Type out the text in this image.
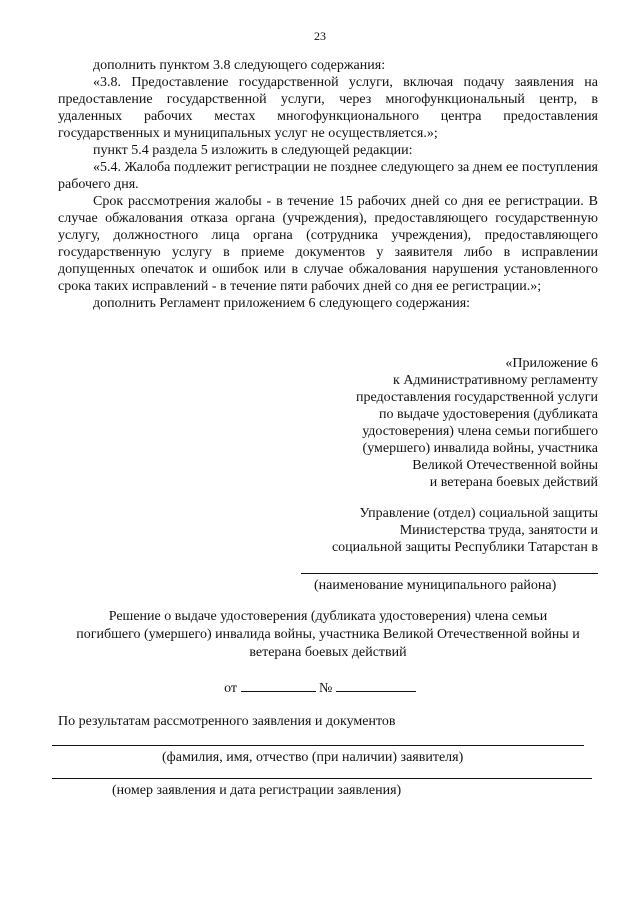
23

дополнить пунктом 3.8 следующего содержания:

«3.8. Предоставление государственной услуги, включая подачу заявления на предоставление государственной услуги, через многофункциональный центр, в удаленных рабочих местах многофункционального центра предоставления государственных и муниципальных услуг не осуществляется.»;

пункт 5.4 раздела 5 изложить в следующей редакции:

«5.4. Жалоба подлежит регистрации не позднее следующего за днем ее поступления рабочего дня.

Срок рассмотрения жалобы - в течение 15 рабочих дней со дня ее регистрации. В случае обжалования отказа органа (учреждения), предоставляющего государственную услугу, должностного лица органа (сотрудника учреждения), предоставляющего государственную услугу в приеме документов у заявителя либо в исправлении допущенных опечаток и ошибок или в случае обжалования нарушения установленного срока таких исправлений - в течение пяти рабочих дней со дня ее регистрации.»;

дополнить Регламент приложением 6 следующего содержания:

«Приложение 6
к Административному регламенту
предоставления государственной услуги
по выдаче удостоверения (дубликата
удостоверения) члена семьи погибшего
(умершего) инвалида войны, участника
Великой Отечественной войны
и ветерана боевых действий
Управление (отдел) социальной защиты
Министерства труда, занятости и
социальной защиты Республики Татарстан в
(наименование муниципального района)
Решение о выдаче удостоверения (дубликата удостоверения) члена семьи
погибшего (умершего) инвалида войны, участника Великой Отечественной войны и
ветерана боевых действий
от	№
По результатам рассмотренного заявления и документов
(фамилия, имя, отчество (при наличии) заявителя)
(номер заявления и дата регистрации заявления)
